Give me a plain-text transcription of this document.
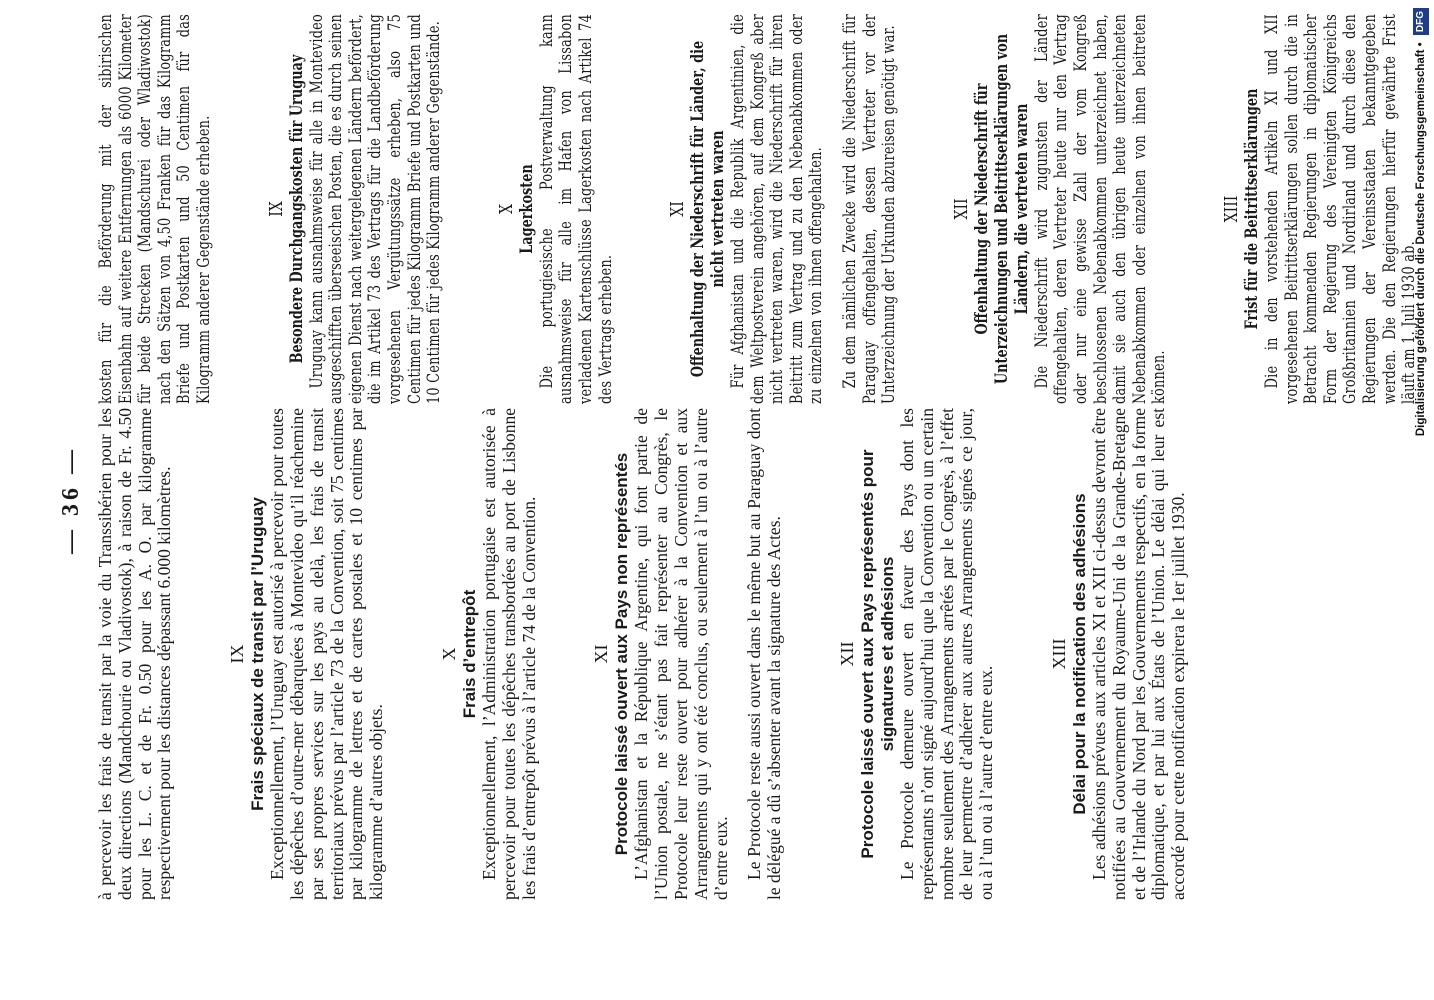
— 36 — à percevoir les frais de transit par la voie du Transsibérien pour les deux directions (Mandchourie ou Vladivostok), à raison de Fr. 4.50 pour les L. C. et de Fr. 0.50 pour les A. O. par kilogramme respectivement pour les distances dépassant 6.000 kilomètres.	IX Frais spéciaux de transit par l’Uruguay Exceptionnellement, l’Uruguay est autorisé à percevoir pour toutes les dépêches d’outre-mer débarquées à Montevideo qu’il réachemine par ses propres services sur les pays au delà, les frais de transit territoriaux prévus par l’article 73 de la Convention, soit 75 centimes par kilogramme de lettres et de cartes postales et 10 centimes par kilogramme d’autres objets.

X Frais d’entrepôt Exceptionnellement, l’Administration portugaise est autorisée à percevoir pour toutes les dépêches transbordées au port de Lisbonne les frais d’entrepôt prévus à l’article 74 de la Convention.	XI Protocole laissé ouvert aux Pays non représentés L’Afghanistan et la République Argentine, qui font partie de l’Union postale, ne s’étant pas fait représenter au Congrès, le Protocole leur reste ouvert pour adhérer à la Convention et aux Arrangements qui y ont été conclus, ou seulement à l’un ou à l’autre d’entre eux. Le Protocole reste aussi ouvert dans le même but au Paraguay dont le délégué a dû s’absenter avant la signature des Actes.	XII Protocole laissé ouvert aux Pays représentés pour signatures et adhésions Le Protocole demeure ouvert en faveur des Pays dont les représentants n’ont signé aujourd’hui que la Convention ou un certain nombre seulement des Arrangements arrêtés par le Congrès, à l’effet de leur permettre d’adhérer aux autres Arrangements signés ce jour, ou à l’un ou à l’autre d’entre eux.

XIII Délai pour la notification des adhésions Les adhésions prévues aux articles XI et XII ci-dessus devront être notifiées au Gouvernement du Royaume-Uni de la Grande-Bretagne et de l’Irlande du Nord par les Gouvernements respectifs, en la forme diplomatique, et par lui aux États de l’Union. Le délai qui leur est accordé pour cette notification expirera le 1er juillet 1930.

kosten für die Beförderung mit der sibirischen Eisenbahn auf weitere Entfernungen als 6000 Kilometer für beide Strecken (Mandschurei oder Wladiwostok) nach den Sätzen von 4,50 Franken für das Kilogramm Briefe und Postkarten und 50 Centimen für das Kilogramm anderer Gegenstände erheben.	IX Besondere Durchgangskosten für Uruguay Uruguay kann ausnahmsweise für alle in Montevideo ausgeschifften überseeischen Posten, die es durch seinen eigenen Dienst nach weitergelegenen Ländern befördert, die im Artikel 73 des Vertrags für die Landbeförderung vorgesehenen Vergütungssätze erheben, also 75 Centimen für jedes Kilogramm Briefe und Postkarten und 10 Centimen für jedes Kilogramm anderer Gegenstände.	X Lagerkosten Die portugiesische Postverwaltung kann ausnahmsweise für alle im Hafen von Lissabon verladenen Kartenschlüsse Lagerkosten nach Artikel 74 des Vertrags erheben.

XI Offenhaltung der Niederschrift für Länder, die nicht vertreten waren Für Afghanistan und die Republik Argentinien, die dem Weltpostverein angehören, auf dem Kongreß aber nicht vertreten waren, wird die Niederschrift für ihren Beitritt zum Vertrag und zu den Nebenabkommen oder zu einzelnen von ihnen offengehalten. Zu dem nämlichen Zwecke wird die Niederschrift für Paraguay offengehalten, dessen Vertreter vor der Unterzeichnung der Urkunden abzureisen genötigt war.	XII Offenhaltung der Niederschrift für Unterzeichnungen und Beitrittserklärungen von Ländern, die vertreten waren Die Niederschrift wird zugunsten der Länder offengehalten, deren Vertreter heute nur den Vertrag oder nur eine gewisse Zahl der vom Kongreß beschlossenen Nebenabkommen unterzeichnet haben, damit sie auch den übrigen heute unterzeichneten Nebenabkommen oder einzelnen von ihnen beitreten können.

XIII Frist für die Beitrittserklärungen Die in den vorstehenden Artikeln XI und XII vorgesehenen Beitrittserklärungen sollen durch die in Betracht kommenden Regierungen in diplomatischer Form der Regierung des Vereinigten Königreichs Großbritannien und Nordirland und durch diese den Regierungen der Vereinsstaaten bekanntgegeben werden. Die den Regierungen hierfür gewährte Frist läuft am 1. Juli 1930 ab.

Digitalisierung gefördert durch die Deutsche Forschungsgemeinschaft • DFG
